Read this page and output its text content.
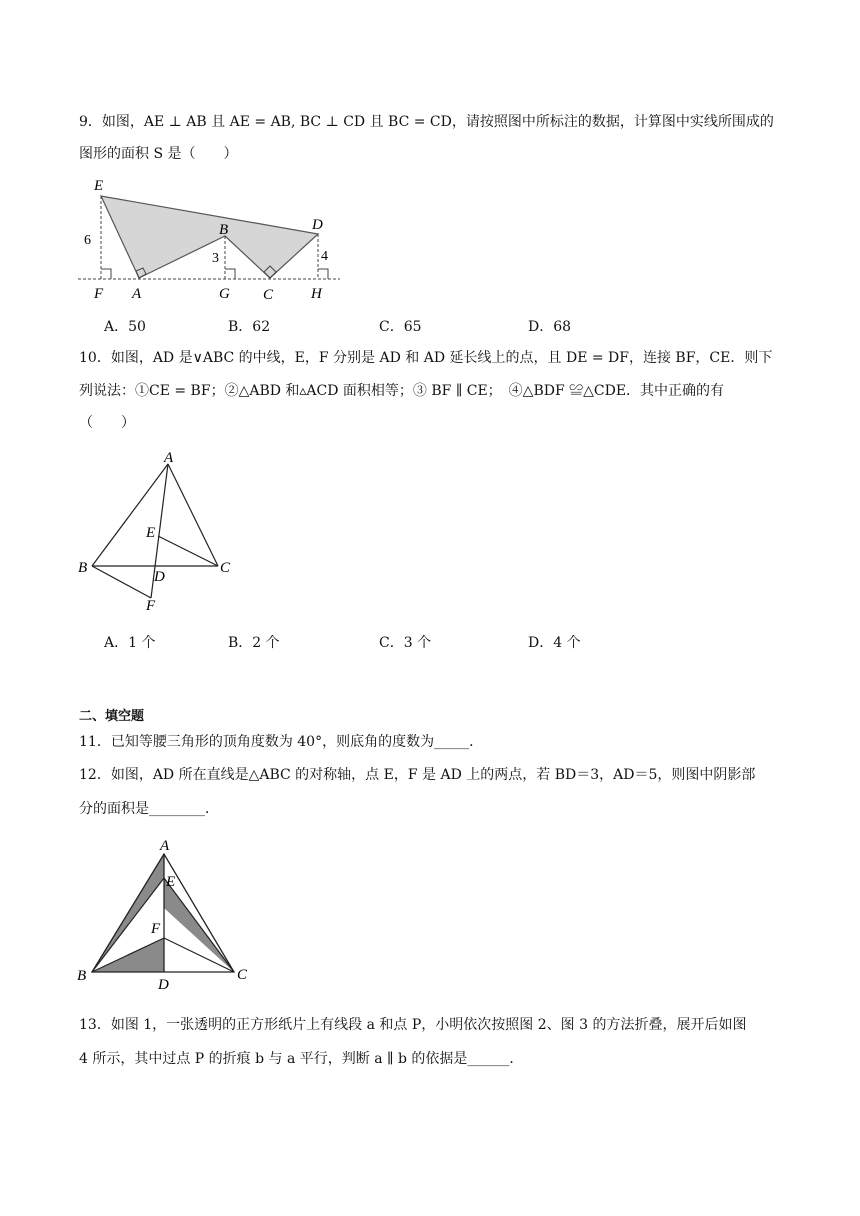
9．如图，AE ⊥ AB 且 AE = AB, BC ⊥ CD 且 BC = CD，请按照图中所标注的数据，计算图中实线所围成的
图形的面积 S 是（　　）
E
B	D
F A	G C	H
6
3	4
A．50	B．62	C．65	D．68
10．如图，AD 是∨ABC 的中线，E，F 分别是 AD 和 AD 延长线上的点，且 DE = DF，连接 BF，CE．则下
列说法：①CE = BF；②△ABD 和▵ACD 面积相等；③ BF ∥ CE；　④△BDF ≌△CDE．其中正确的有
（　　）
A
E
B	C
D
F
A．1 个	B．2 个	C．3 个	D．4 个
二、填空题
11．已知等腰三角形的顶角度数为 40°，则底角的度数为_____．
12．如图，AD 所在直线是△ABC 的对称轴，点 E，F 是 AD 上的两点，若 BD＝3，AD＝5，则图中阴影部
分的面积是________．
A
E
F
B	C
D
13．如图 1，一张透明的正方形纸片上有线段 a 和点 P，小明依次按照图 2、图 3 的方法折叠，展开后如图
4 所示，其中过点 P 的折痕 b 与 a 平行，判断 a ∥ b 的依据是______．
